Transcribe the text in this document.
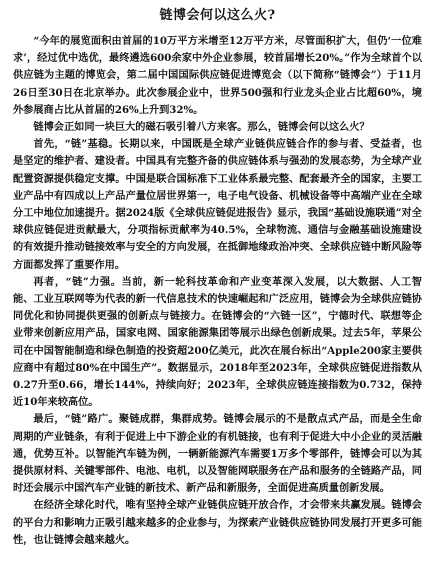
链博会何以这么火?

“今年的展览面积由首届的10万平方米增至12万平方米，尽管面积扩大，但仍‘一位难求’，经过优中选优，最终遴选600余家中外企业参展，较首届增长20%。”作为全球首个以供应链为主题的博览会，第二届中国国际供应链促进博览会（以下简称“链博会”）于11月26日至30日在北京举办。此次参展企业中，世界500强和行业龙头企业占比超60%，境外参展商占比从首届的26%上升到32%。

链博会正如同一块巨大的磁石吸引着八方来客。那么，链博会何以这么火？

首先，“链”基稳。长期以来，中国既是全球产业链供应链合作的参与者、受益者，也是坚定的维护者、建设者。中国具有完整齐备的供应链体系与强劲的发展态势，为全球产业配置资源提供稳定支撑。中国是联合国标准下工业体系最完整、配套最齐全的国家，主要工业产品中有四成以上产品产量位居世界第一，电子电气设备、机械设备等中高端产业在全球分工中地位加速提升。据2024版《全球供应链促进报告》显示，我国“基础设施联通”对全球供应链促进贡献最大，分项指标贡献率为40.5%，全球物流、通信与金融基础设施建设的有效提升推动链接效率与安全的方向发展，在抵御地缘政治冲突、全球供应链中断风险等方面都发挥了重要作用。

再者，“链”力强。当前，新一轮科技革命和产业变革深入发展，以大数据、人工智能、工业互联网等为代表的新一代信息技术的快速崛起和广泛应用，链博会为全球供应链协同优化和协同提供更强的创新点与链接力。在链博会的“六链一区”，宁德时代、联想等企业带来创新应用产品，国家电网、国家能源集团等展示出绿色创新成果。过去5年，苹果公司在中国智能制造和绿色制造的投资超200亿美元，此次在展台标出“Apple200家主要供应商中有超过80%在中国生产”。数据显示，2018年至2023年，全球供应链促进指数从0.27升至0.66，增长144%，持续向好；2023年，全球供应链连接指数为0.732，保持近10年来较高位。

最后，“链”路广。聚链成群，集群成势。链博会展示的不是散点式产品，而是全生命周期的产业链条，有利于促进上中下游企业的有机链接，也有利于促进大中小企业的灵活融通，优势互补。以智能汽车链为例，一辆新能源汽车需要1万多个零部件，链博会可以为其提供原材料、关键零部件、电池、电机，以及智能网联服务在产品和服务的全链路产品，同时还会展示中国汽车产业链的新技术、新产品和新服务，全面促进高质量创新发展。

在经济全球化时代，唯有坚持全球产业链供应链开放合作，才会带来共赢发展。链博会的平台力和影响力正吸引越来越多的企业参与，为探索产业链供应链协同发展打开更多可能性，也让链博会越来越火。
